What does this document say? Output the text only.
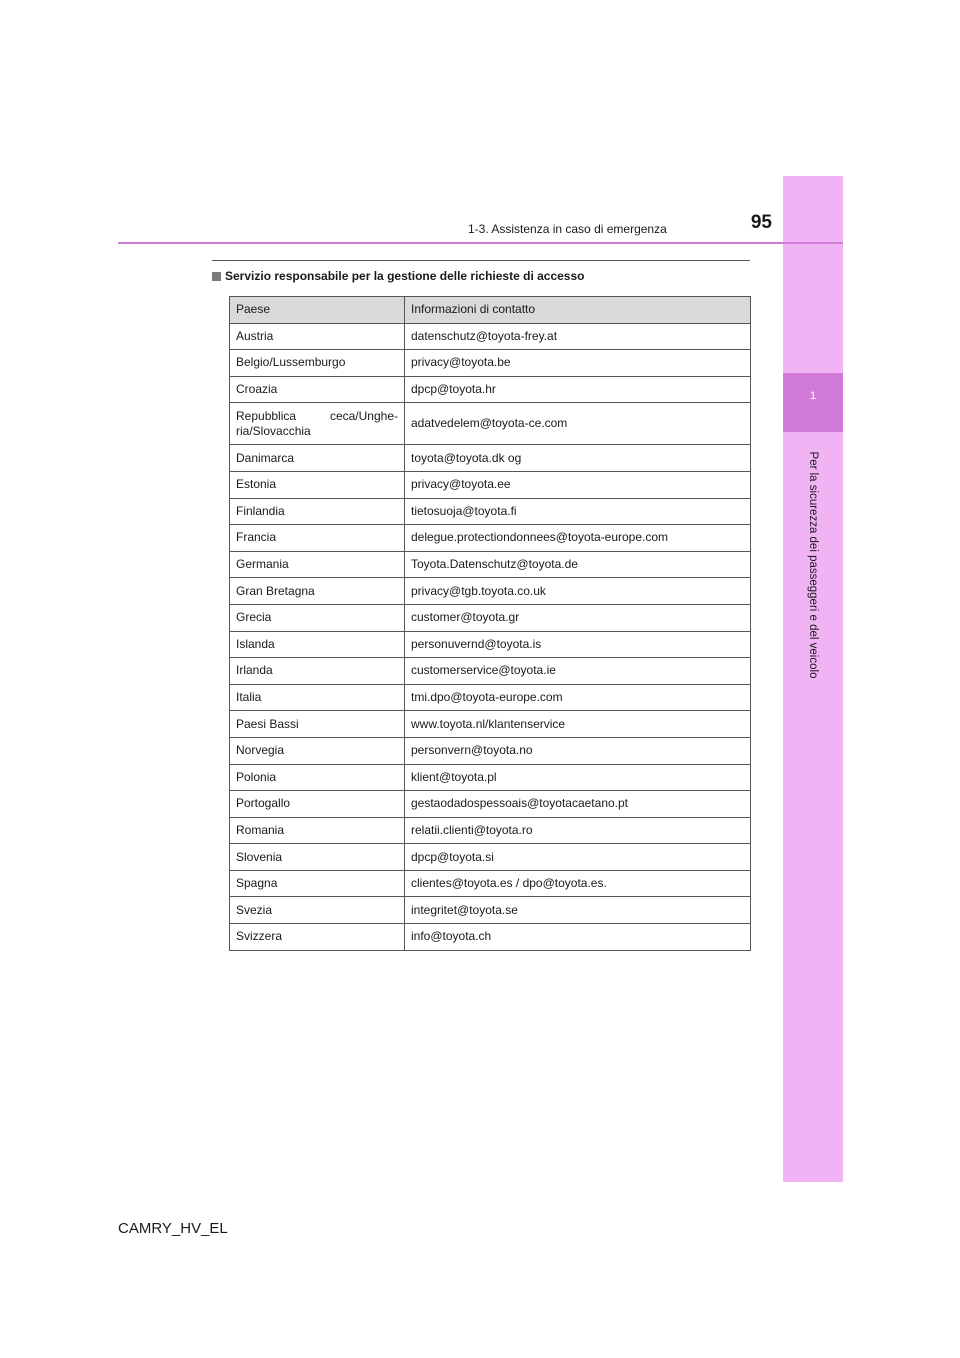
1
Per la sicurezza dei passeggeri e del veicolo
95
1-3. Assistenza in caso di emergenza
Servizio responsabile per la gestione delle richieste di accesso
Paese	Informazioni di contatto
Austria	datenschutz@toyota-frey.at
Belgio/Lussemburgo	privacy@toyota.be
Croazia	dpcp@toyota.hr
Repubblica ceca/Unghe-ria/Slovacchia	adatvedelem@toyota-ce.com
Danimarca	toyota@toyota.dk og
Estonia	privacy@toyota.ee
Finlandia	tietosuoja@toyota.fi
Francia	delegue.protectiondonnees@toyota-europe.com
Germania	Toyota.Datenschutz@toyota.de
Gran Bretagna	privacy@tgb.toyota.co.uk
Grecia	customer@toyota.gr
Islanda	personuvernd@toyota.is
Irlanda	customerservice@toyota.ie
Italia	tmi.dpo@toyota-europe.com
Paesi Bassi	www.toyota.nl/klantenservice
Norvegia	personvern@toyota.no
Polonia	klient@toyota.pl
Portogallo	gestaodadospessoais@toyotacaetano.pt
Romania	relatii.clienti@toyota.ro
Slovenia	dpcp@toyota.si
Spagna	clientes@toyota.es / dpo@toyota.es.
Svezia	integritet@toyota.se
Svizzera	info@toyota.ch
CAMRY_HV_EL
